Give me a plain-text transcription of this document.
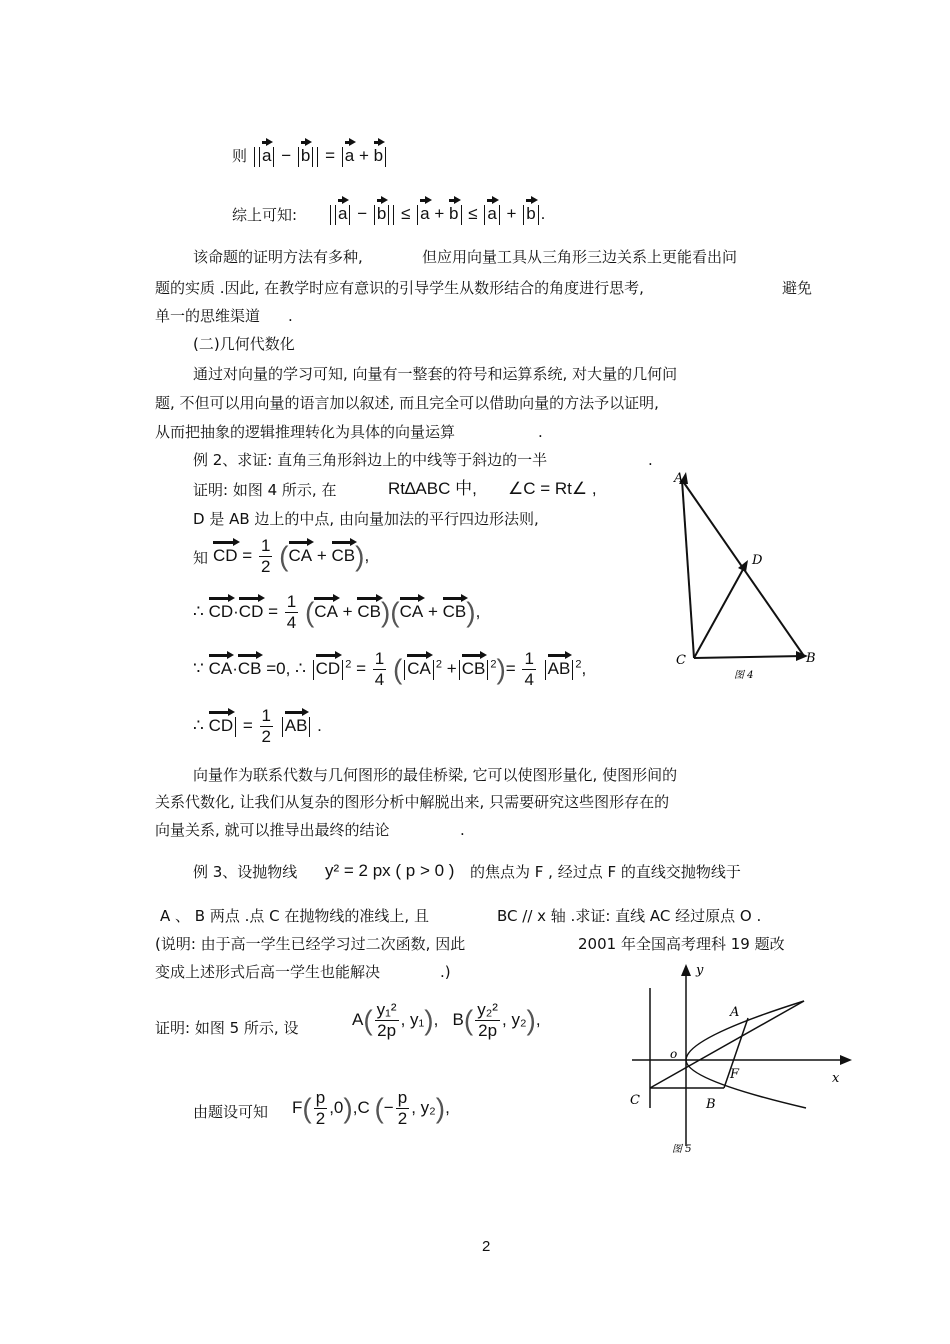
则 a − b = a + b
综上可知:	a − b ≤ a + b ≤ a + b .
该命题的证明方法有多种,	但应用向量工具从三角形三边关系上更能看出问
题的实质 .因此, 在教学时应有意识的引导学生从数形结合的角度进行思考,	避免
单一的思维渠道 .
(二)几何代数化
通过对向量的学习可知, 向量有一整套的符号和运算系统, 对大量的几何问
题, 不但可以用向量的语言加以叙述, 而且完全可以借助向量的方法予以证明,
从而把抽象的逻辑推理转化为具体的向量运算	.
例 2、求证: 直角三角形斜边上的中线等于斜边的一半	.
证明: 如图 4 所示, 在	Rt∆ABC 中, ∠C = Rt∠ ,
D 是 AB 边上的中点, 由向量加法的平行四边形法则,
知 CD = $\frac{1}{2} (CA + CB)$,
∴ $CD\cdot CD = \frac{1}{4} (CA + CB)(CA + CB)$,
∵ CA·CB =0, ∴ CD $^2 = \frac{1}{4}$ ( CA $^2$ + CB $^2)= \frac{1}{4}$ AB $^2$,
∴ CD = $\frac{1}{2}$ AB .
A
D
C	B
图 4
向量作为联系代数与几何图形的最佳桥梁, 它可以使图形量化, 使图形间的
关系代数化, 让我们从复杂的图形分析中解脱出来, 只需要研究这些图形存在的
向量关系, 就可以推导出最终的结论	.
例 3、设抛物线 y² = 2 px ( p > 0 ) 的焦点为 F , 经过点 F 的直线交抛物线于
A 、 B 两点 .点 C 在抛物线的准线上, 且	BC // x 轴 .求证: 直线 AC 经过原点 O .
(说明: 由于高一学生已经学习过二次函数, 因此	2001 年全国高考理科 19 题改
变成上述形式后高一学生也能解决	.)
证明: 如图 5 所示, 设	$A( \frac{\text{y₁²}}{2p}$ , y₁), $B( \frac{\text{y₂²}}{2p}$ , y₂),
由题设可知 $F( \frac{p}{2} ,0),C$ (− $\frac{p}{2}$ , y₂),
y
A
o
F	x
C	B
图 5
2
